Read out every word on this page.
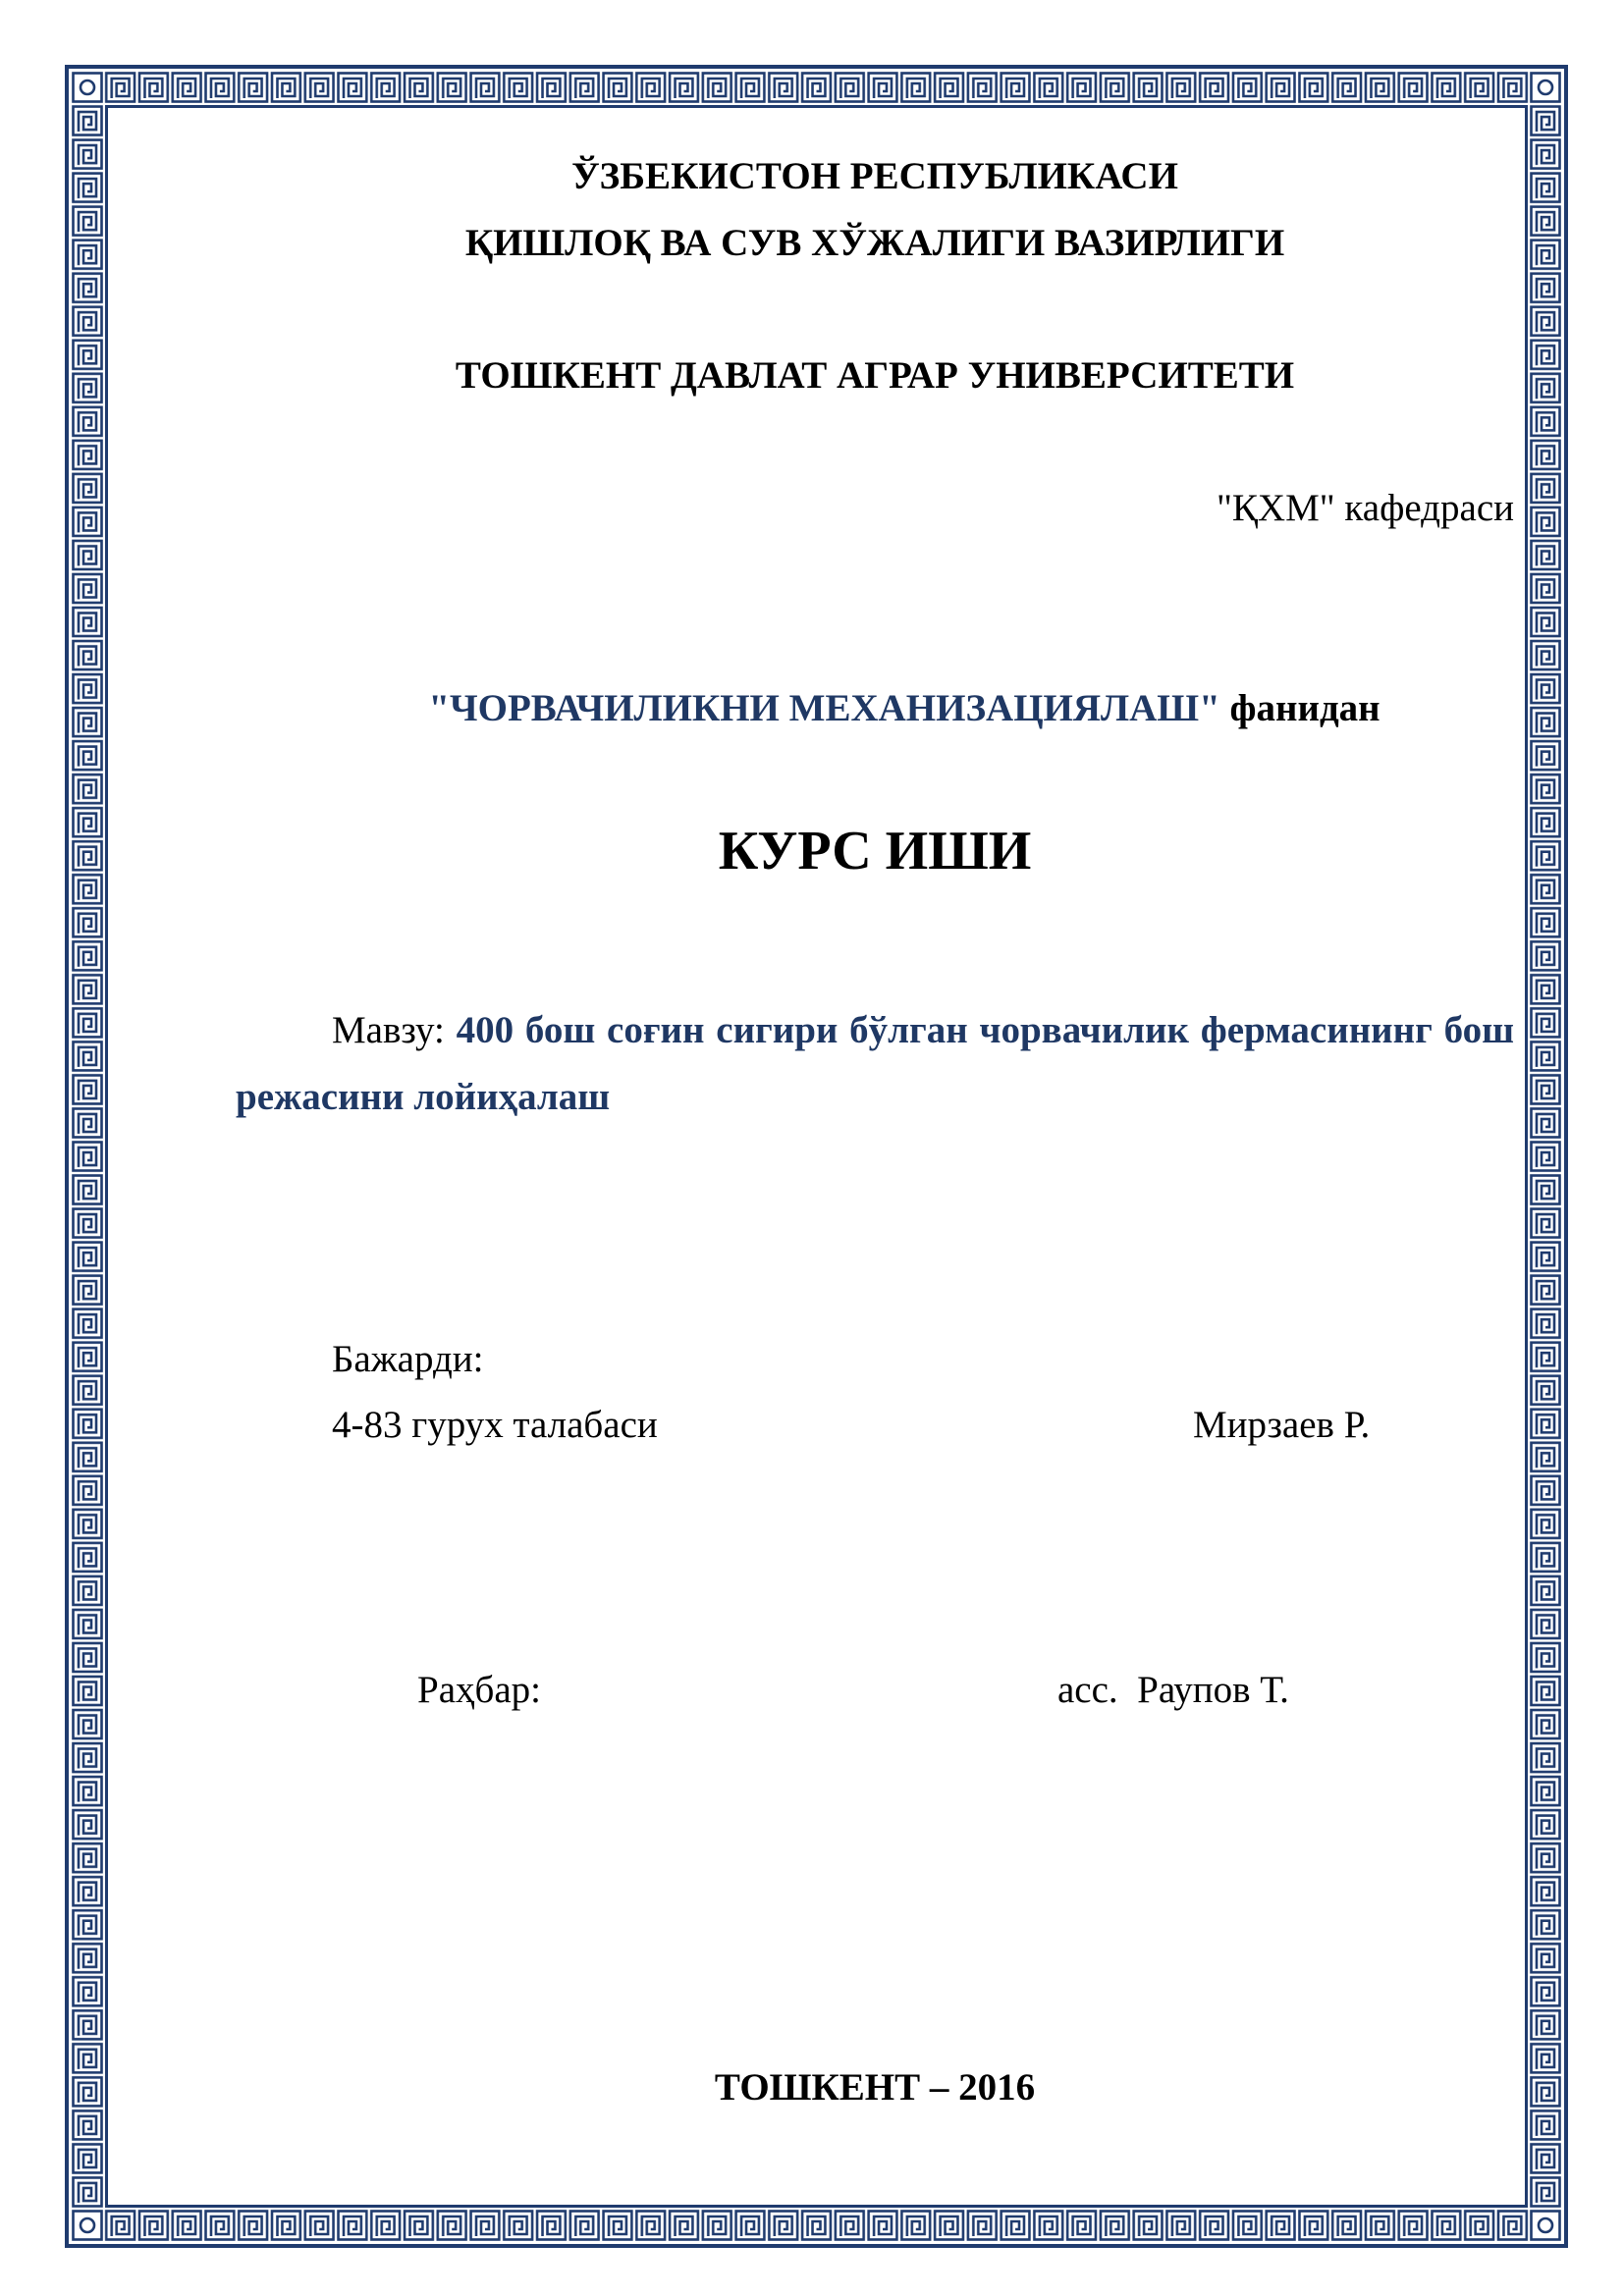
ЎЗБЕКИСТОН РЕСПУБЛИКАСИ
ҚИШЛОҚ ВА СУВ ХЎЖАЛИГИ ВАЗИРЛИГИ
ТОШКЕНТ ДАВЛАТ АГРАР УНИВЕРСИТЕТИ
"ҚХМ" кафедраси
"ЧОРВАЧИЛИКНИ МЕХАНИЗАЦИЯЛАШ" фанидан
КУРС ИШИ
Мавзу: 400 бош соғин сигири бўлган чорвачилик фермасининг бош режасини лойиҳалаш
Бажарди:
4-83 гурух талабаси	Мирзаев Р.
Раҳбар:	асс.  Раупов Т.
ТОШКЕНТ – 2016
